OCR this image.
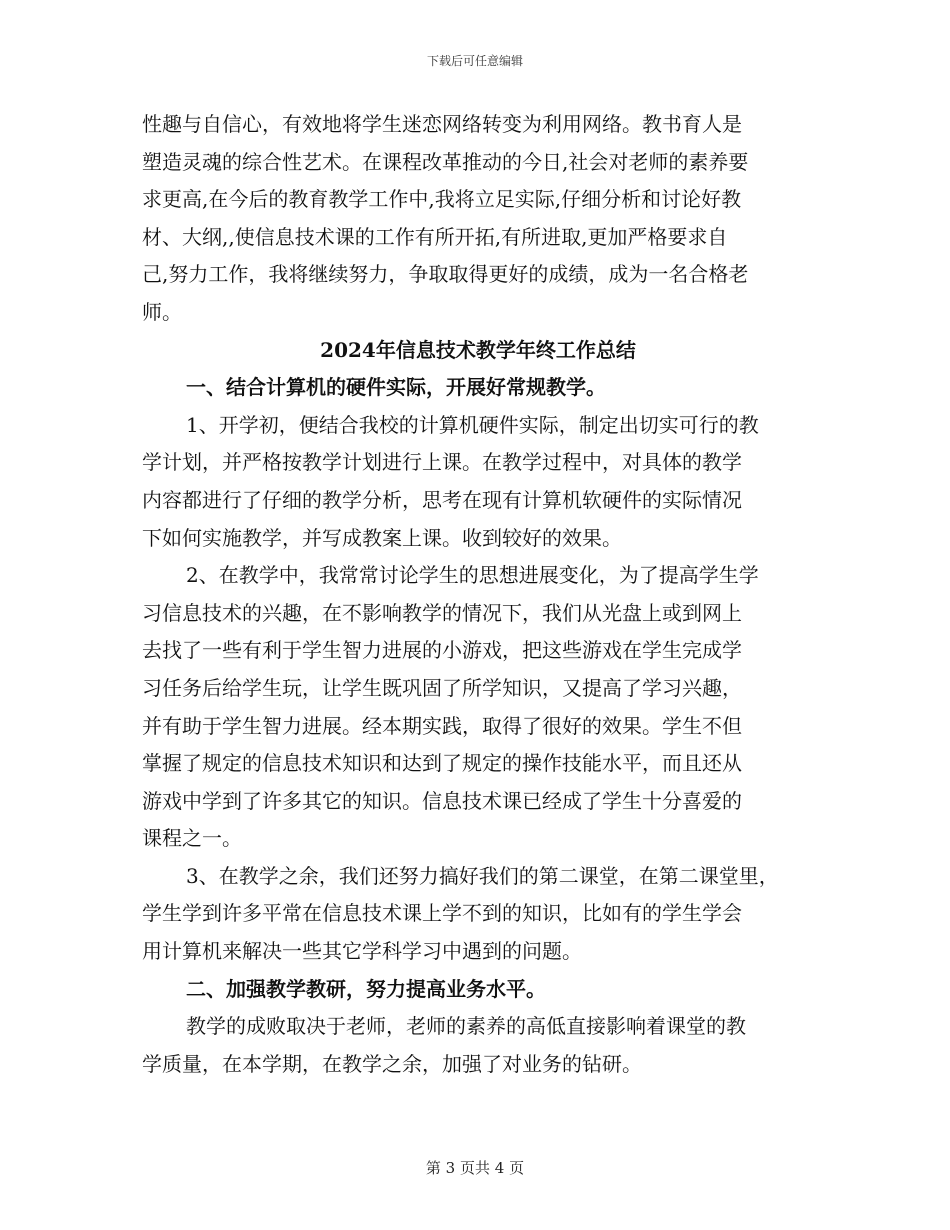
下载后可任意编辑
性趣与自信心，有效地将学生迷恋网络转变为利用网络。教书育人是
塑造灵魂的综合性艺术。在课程改革推动的今日,社会对老师的素养要
求更高,在今后的教育教学工作中,我将立足实际,仔细分析和讨论好教
材、大纲,,使信息技术课的工作有所开拓,有所进取,更加严格要求自
己,努力工作，我将继续努力，争取取得更好的成绩，成为一名合格老
师。
2024年信息技术教学年终工作总结
一、结合计算机的硬件实际，开展好常规教学。
1、开学初，便结合我校的计算机硬件实际，制定出切实可行的教
学计划，并严格按教学计划进行上课。在教学过程中，对具体的教学
内容都进行了仔细的教学分析，思考在现有计算机软硬件的实际情况
下如何实施教学，并写成教案上课。收到较好的效果。
2、在教学中，我常常讨论学生的思想进展变化，为了提高学生学
习信息技术的兴趣，在不影响教学的情况下，我们从光盘上或到网上
去找了一些有利于学生智力进展的小游戏，把这些游戏在学生完成学
习任务后给学生玩，让学生既巩固了所学知识，又提高了学习兴趣，
并有助于学生智力进展。经本期实践，取得了很好的效果。学生不但
掌握了规定的信息技术知识和达到了规定的操作技能水平，而且还从
游戏中学到了许多其它的知识。信息技术课已经成了学生十分喜爱的
课程之一。
3、在教学之余，我们还努力搞好我们的第二课堂，在第二课堂里，
学生学到许多平常在信息技术课上学不到的知识，比如有的学生学会
用计算机来解决一些其它学科学习中遇到的问题。
二、加强教学教研，努力提高业务水平。
教学的成败取决于老师，老师的素养的高低直接影响着课堂的教
学质量，在本学期，在教学之余，加强了对业务的钻研。
第 3 页共 4 页
